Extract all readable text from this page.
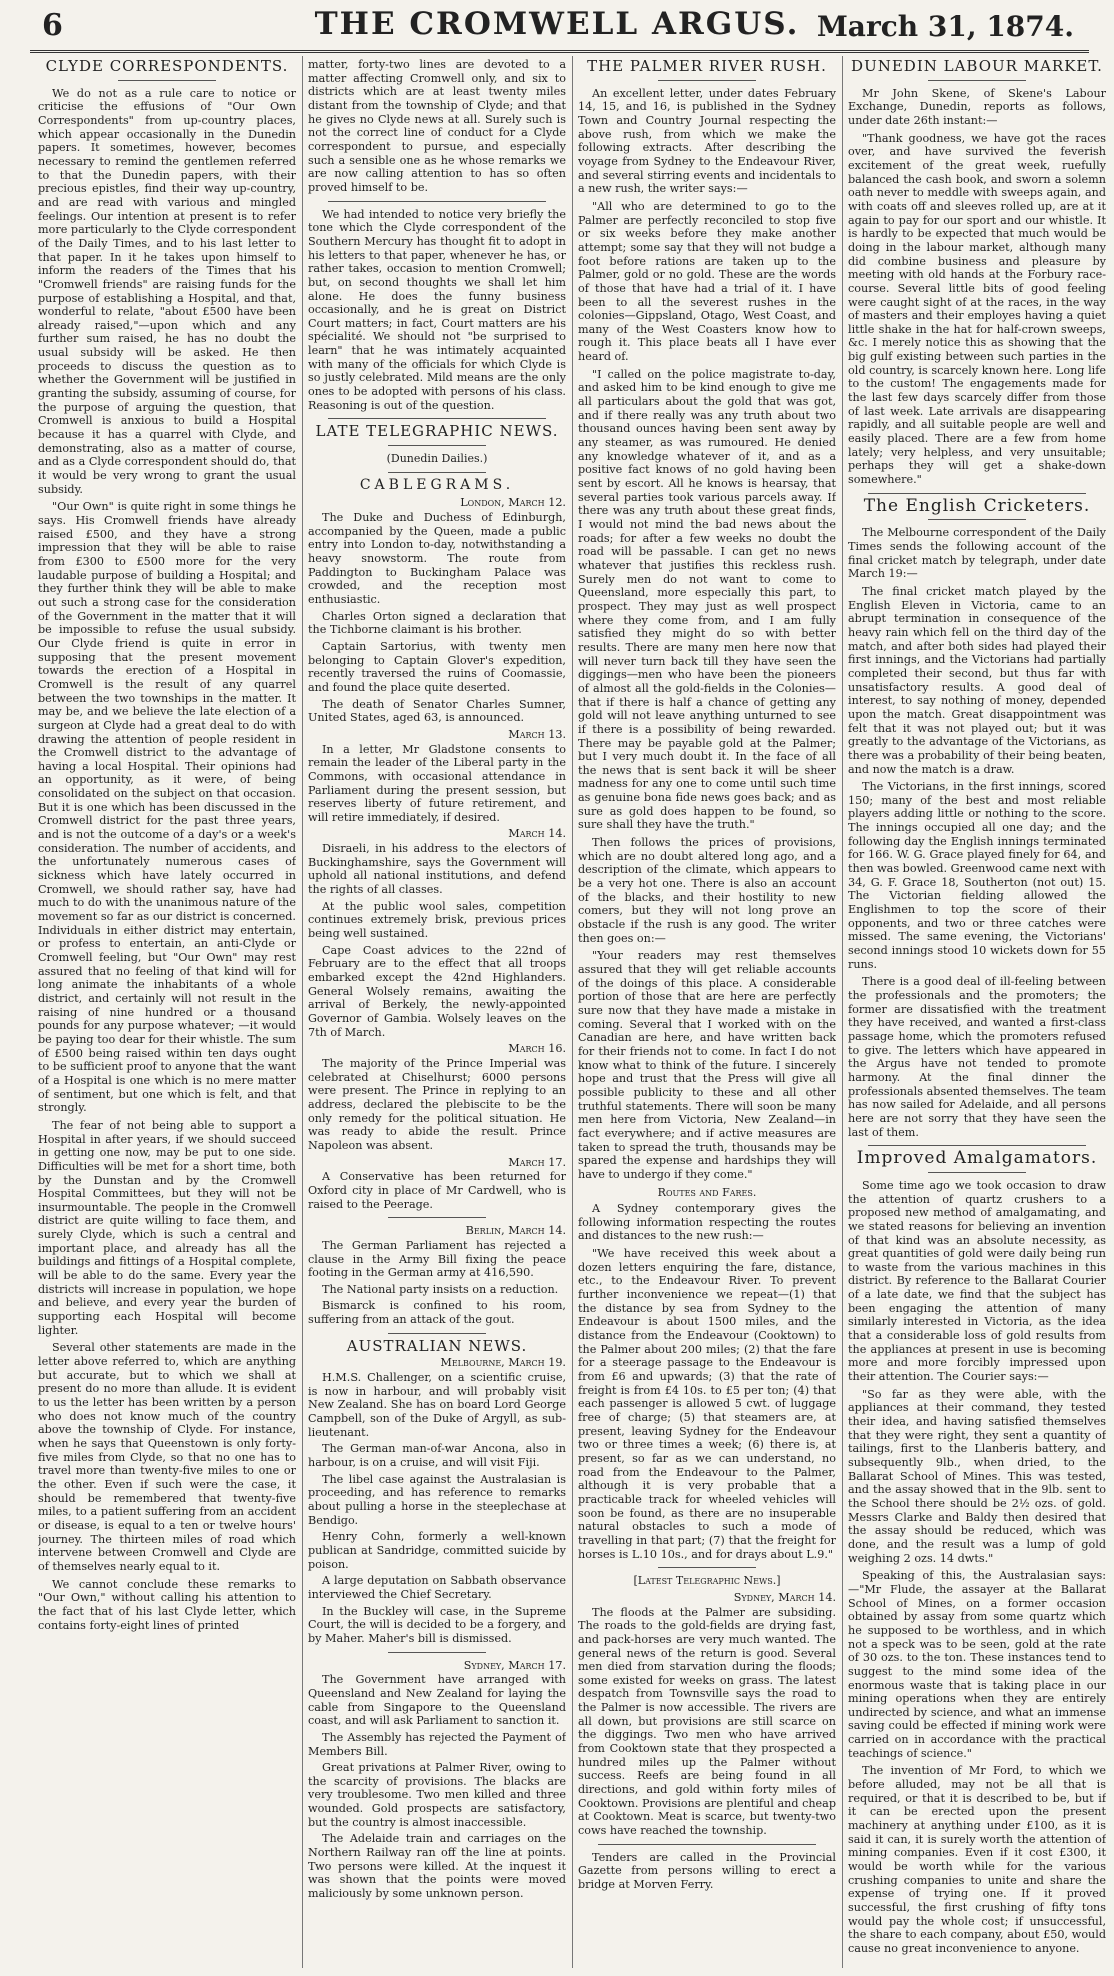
6	THE CROMWELL ARGUS. March 31, 1874.
CLYDE CORRESPONDENTS.

We do not as a rule care to notice or criticise the effusions of "Our Own Correspondents" from up-country places, which appear occasionally in the Dunedin papers. It sometimes, however, becomes necessary to remind the gentlemen referred to that the Dunedin papers, with their precious epistles, find their way up-country, and are read with various and mingled feelings. Our intention at present is to refer more particularly to the Clyde correspondent of the Daily Times, and to his last letter to that paper. In it he takes upon himself to inform the readers of the Times that his "Cromwell friends" are raising funds for the purpose of establishing a Hospital, and that, wonderful to relate, "about £500 have been already raised,"—upon which and any further sum raised, he has no doubt the usual subsidy will be asked. He then proceeds to discuss the question as to whether the Government will be justified in granting the subsidy, assuming of course, for the purpose of arguing the question, that Cromwell is anxious to build a Hospital because it has a quarrel with Clyde, and demonstrating, also as a matter of course, and as a Clyde correspondent should do, that it would be very wrong to grant the usual subsidy.

"Our Own" is quite right in some things he says. His Cromwell friends have already raised £500, and they have a strong impression that they will be able to raise from £300 to £500 more for the very laudable purpose of building a Hospital; and they further think they will be able to make out such a strong case for the consideration of the Government in the matter that it will be impossible to refuse the usual subsidy. Our Clyde friend is quite in error in supposing that the present movement towards the erection of a Hospital in Cromwell is the result of any quarrel between the two townships in the matter. It may be, and we believe the late election of a surgeon at Clyde had a great deal to do with drawing the attention of people resident in the Cromwell district to the advantage of having a local Hospital. Their opinions had an opportunity, as it were, of being consolidated on the subject on that occasion. But it is one which has been discussed in the Cromwell district for the past three years, and is not the outcome of a day's or a week's consideration. The number of accidents, and the unfortunately numerous cases of sickness which have lately occurred in Cromwell, we should rather say, have had much to do with the unanimous nature of the movement so far as our district is concerned. Individuals in either district may entertain, or profess to entertain, an anti-Clyde or Cromwell feeling, but "Our Own" may rest assured that no feeling of that kind will for long animate the inhabitants of a whole district, and certainly will not result in the raising of nine hundred or a thousand pounds for any purpose whatever; —it would be paying too dear for their whistle. The sum of £500 being raised within ten days ought to be sufficient proof to anyone that the want of a Hospital is one which is no mere matter of sentiment, but one which is felt, and that strongly.

The fear of not being able to support a Hospital in after years, if we should succeed in getting one now, may be put to one side. Difficulties will be met for a short time, both by the Dunstan and by the Cromwell Hospital Committees, but they will not be insurmountable. The people in the Cromwell district are quite willing to face them, and surely Clyde, which is such a central and important place, and already has all the buildings and fittings of a Hospital complete, will be able to do the same. Every year the districts will increase in population, we hope and believe, and every year the burden of supporting each Hospital will become lighter.

Several other statements are made in the letter above referred to, which are anything but accurate, but to which we shall at present do no more than allude. It is evident to us the letter has been written by a person who does not know much of the country above the township of Clyde. For instance, when he says that Queenstown is only forty-five miles from Clyde, so that no one has to travel more than twenty-five miles to one or the other. Even if such were the case, it should be remembered that twenty-five miles, to a patient suffering from an accident or disease, is equal to a ten or twelve hours' journey. The thirteen miles of road which intervene between Cromwell and Clyde are of themselves nearly equal to it.

We cannot conclude these remarks to "Our Own," without calling his attention to the fact that of his last Clyde letter, which contains forty-eight lines of printed

matter, forty-two lines are devoted to a matter affecting Cromwell only, and six to districts which are at least twenty miles distant from the township of Clyde; and that he gives no Clyde news at all. Surely such is not the correct line of conduct for a Clyde correspondent to pursue, and especially such a sensible one as he whose remarks we are now calling attention to has so often proved himself to be.

We had intended to notice very briefly the tone which the Clyde correspondent of the Southern Mercury has thought fit to adopt in his letters to that paper, whenever he has, or rather takes, occasion to mention Cromwell; but, on second thoughts we shall let him alone. He does the funny business occasionally, and he is great on District Court matters; in fact, Court matters are his spécialité. We should not "be surprised to learn" that he was intimately acquainted with many of the officials for which Clyde is so justly celebrated. Mild means are the only ones to be adopted with persons of his class. Reasoning is out of the question.

LATE TELEGRAPHIC NEWS.
(Dunedin Dailies.)
CABLEGRAMS.
London, March 12.

The Duke and Duchess of Edinburgh, accompanied by the Queen, made a public entry into London to-day, notwithstanding a heavy snowstorm. The route from Paddington to Buckingham Palace was crowded, and the reception most enthusiastic.

Charles Orton signed a declaration that the Tichborne claimant is his brother.

Captain Sartorius, with twenty men belonging to Captain Glover's expedition, recently traversed the ruins of Coomassie, and found the place quite deserted.

The death of Senator Charles Sumner, United States, aged 63, is announced.

March 13.

In a letter, Mr Gladstone consents to remain the leader of the Liberal party in the Commons, with occasional attendance in Parliament during the present session, but reserves liberty of future retirement, and will retire immediately, if desired.

March 14.

Disraeli, in his address to the electors of Buckinghamshire, says the Government will uphold all national institutions, and defend the rights of all classes.

At the public wool sales, competition continues extremely brisk, previous prices being well sustained.

Cape Coast advices to the 22nd of February are to the effect that all troops embarked except the 42nd Highlanders. General Wolsely remains, awaiting the arrival of Berkely, the newly-appointed Governor of Gambia. Wolsely leaves on the 7th of March.

March 16.

The majority of the Prince Imperial was celebrated at Chiselhurst; 6000 persons were present. The Prince in replying to an address, declared the plebiscite to be the only remedy for the political situation. He was ready to abide the result. Prince Napoleon was absent.

March 17.

A Conservative has been returned for Oxford city in place of Mr Cardwell, who is raised to the Peerage.

Berlin, March 14.

The German Parliament has rejected a clause in the Army Bill fixing the peace footing in the German army at 416,590.

The National party insists on a reduction.

Bismarck is confined to his room, suffering from an attack of the gout.

AUSTRALIAN NEWS.
Melbourne, March 19.

H.M.S. Challenger, on a scientific cruise, is now in harbour, and will probably visit New Zealand. She has on board Lord George Campbell, son of the Duke of Argyll, as sub-lieutenant.

The German man-of-war Ancona, also in harbour, is on a cruise, and will visit Fiji.

The libel case against the Australasian is proceeding, and has reference to remarks about pulling a horse in the steeplechase at Bendigo.

Henry Cohn, formerly a well-known publican at Sandridge, committed suicide by poison.

A large deputation on Sabbath observance interviewed the Chief Secretary.

In the Buckley will case, in the Supreme Court, the will is decided to be a forgery, and by Maher. Maher's bill is dismissed.

Sydney, March 17.

The Government have arranged with Queensland and New Zealand for laying the cable from Singapore to the Queensland coast, and will ask Parliament to sanction it.

The Assembly has rejected the Payment of Members Bill.

Great privations at Palmer River, owing to the scarcity of provisions. The blacks are very troublesome. Two men killed and three wounded. Gold prospects are satisfactory, but the country is almost inaccessible.

The Adelaide train and carriages on the Northern Railway ran off the line at points. Two persons were killed. At the inquest it was shown that the points were moved maliciously by some unknown person.

THE PALMER RIVER RUSH.

An excellent letter, under dates February 14, 15, and 16, is published in the Sydney Town and Country Journal respecting the above rush, from which we make the following extracts. After describing the voyage from Sydney to the Endeavour River, and several stirring events and incidentals to a new rush, the writer says:—

"All who are determined to go to the Palmer are perfectly reconciled to stop five or six weeks before they make another attempt; some say that they will not budge a foot before rations are taken up to the Palmer, gold or no gold. These are the words of those that have had a trial of it. I have been to all the severest rushes in the colonies—Gippsland, Otago, West Coast, and many of the West Coasters know how to rough it. This place beats all I have ever heard of.

"I called on the police magistrate to-day, and asked him to be kind enough to give me all particulars about the gold that was got, and if there really was any truth about two thousand ounces having been sent away by any steamer, as was rumoured. He denied any knowledge whatever of it, and as a positive fact knows of no gold having been sent by escort. All he knows is hearsay, that several parties took various parcels away. If there was any truth about these great finds, I would not mind the bad news about the roads; for after a few weeks no doubt the road will be passable. I can get no news whatever that justifies this reckless rush. Surely men do not want to come to Queensland, more especially this part, to prospect. They may just as well prospect where they come from, and I am fully satisfied they might do so with better results. There are many men here now that will never turn back till they have seen the diggings—men who have been the pioneers of almost all the gold-fields in the Colonies—that if there is half a chance of getting any gold will not leave anything unturned to see if there is a possibility of being rewarded. There may be payable gold at the Palmer; but I very much doubt it. In the face of all the news that is sent back it will be sheer madness for any one to come until such time as genuine bona fide news goes back; and as sure as gold does happen to be found, so sure shall they have the truth."

Then follows the prices of provisions, which are no doubt altered long ago, and a description of the climate, which appears to be a very hot one. There is also an account of the blacks, and their hostility to new comers, but they will not long prove an obstacle if the rush is any good. The writer then goes on:—

"Your readers may rest themselves assured that they will get reliable accounts of the doings of this place. A considerable portion of those that are here are perfectly sure now that they have made a mistake in coming. Several that I worked with on the Canadian are here, and have written back for their friends not to come. In fact I do not know what to think of the future. I sincerely hope and trust that the Press will give all possible publicity to these and all other truthful statements. There will soon be many men here from Victoria, New Zealand—in fact everywhere; and if active measures are taken to spread the truth, thousands may be spared the expense and hardships they will have to undergo if they come."

Routes and Fares.

A Sydney contemporary gives the following information respecting the routes and distances to the new rush:—

"We have received this week about a dozen letters enquiring the fare, distance, etc., to the Endeavour River. To prevent further inconvenience we repeat—(1) that the distance by sea from Sydney to the Endeavour is about 1500 miles, and the distance from the Endeavour (Cooktown) to the Palmer about 200 miles; (2) that the fare for a steerage passage to the Endeavour is from £6 and upwards; (3) that the rate of freight is from £4 10s. to £5 per ton; (4) that each passenger is allowed 5 cwt. of luggage free of charge; (5) that steamers are, at present, leaving Sydney for the Endeavour two or three times a week; (6) there is, at present, so far as we can understand, no road from the Endeavour to the Palmer, although it is very probable that a practicable track for wheeled vehicles will soon be found, as there are no insuperable natural obstacles to such a mode of travelling in that part; (7) that the freight for horses is L.10 10s., and for drays about L.9."

[Latest Telegraphic News.]
Sydney, March 14.

The floods at the Palmer are subsiding. The roads to the gold-fields are drying fast, and pack-horses are very much wanted. The general news of the return is good. Several men died from starvation during the floods; some existed for weeks on grass. The latest despatch from Townsville says the road to the Palmer is now accessible. The rivers are all down, but provisions are still scarce on the diggings. Two men who have arrived from Cooktown state that they prospected a hundred miles up the Palmer without success. Reefs are being found in all directions, and gold within forty miles of Cooktown. Provisions are plentiful and cheap at Cooktown. Meat is scarce, but twenty-two cows have reached the township.

Tenders are called in the Provincial Gazette from persons willing to erect a bridge at Morven Ferry.

DUNEDIN LABOUR MARKET.

Mr John Skene, of Skene's Labour Exchange, Dunedin, reports as follows, under date 26th instant:—

"Thank goodness, we have got the races over, and have survived the feverish excitement of the great week, ruefully balanced the cash book, and sworn a solemn oath never to meddle with sweeps again, and with coats off and sleeves rolled up, are at it again to pay for our sport and our whistle. It is hardly to be expected that much would be doing in the labour market, although many did combine business and pleasure by meeting with old hands at the Forbury race-course. Several little bits of good feeling were caught sight of at the races, in the way of masters and their employes having a quiet little shake in the hat for half-crown sweeps, &c. I merely notice this as showing that the big gulf existing between such parties in the old country, is scarcely known here. Long life to the custom! The engagements made for the last few days scarcely differ from those of last week. Late arrivals are disappearing rapidly, and all suitable people are well and easily placed. There are a few from home lately; very helpless, and very unsuitable; perhaps they will get a shake-down somewhere."

The English Cricketers.

The Melbourne correspondent of the Daily Times sends the following account of the final cricket match by telegraph, under date March 19:—

The final cricket match played by the English Eleven in Victoria, came to an abrupt termination in consequence of the heavy rain which fell on the third day of the match, and after both sides had played their first innings, and the Victorians had partially completed their second, but thus far with unsatisfactory results. A good deal of interest, to say nothing of money, depended upon the match. Great disappointment was felt that it was not played out; but it was greatly to the advantage of the Victorians, as there was a probability of their being beaten, and now the match is a draw.

The Victorians, in the first innings, scored 150; many of the best and most reliable players adding little or nothing to the score. The innings occupied all one day; and the following day the English innings terminated for 166. W. G. Grace played finely for 64, and then was bowled. Greenwood came next with 34, G. F. Grace 18, Southerton (not out) 15. The Victorian fielding allowed the Englishmen to top the score of their opponents, and two or three catches were missed. The same evening, the Victorians' second innings stood 10 wickets down for 55 runs.

There is a good deal of ill-feeling between the professionals and the promoters; the former are dissatisfied with the treatment they have received, and wanted a first-class passage home, which the promoters refused to give. The letters which have appeared in the Argus have not tended to promote harmony. At the final dinner the professionals absented themselves. The team has now sailed for Adelaide, and all persons here are not sorry that they have seen the last of them.

Improved Amalgamators.

Some time ago we took occasion to draw the attention of quartz crushers to a proposed new method of amalgamating, and we stated reasons for believing an invention of that kind was an absolute necessity, as great quantities of gold were daily being run to waste from the various machines in this district. By reference to the Ballarat Courier of a late date, we find that the subject has been engaging the attention of many similarly interested in Victoria, as the idea that a considerable loss of gold results from the appliances at present in use is becoming more and more forcibly impressed upon their attention. The Courier says:—

"So far as they were able, with the appliances at their command, they tested their idea, and having satisfied themselves that they were right, they sent a quantity of tailings, first to the Llanberis battery, and subsequently 9lb., when dried, to the Ballarat School of Mines. This was tested, and the assay showed that in the 9lb. sent to the School there should be 2½ ozs. of gold. Messrs Clarke and Baldy then desired that the assay should be reduced, which was done, and the result was a lump of gold weighing 2 ozs. 14 dwts."

Speaking of this, the Australasian says:—"Mr Flude, the assayer at the Ballarat School of Mines, on a former occasion obtained by assay from some quartz which he supposed to be worthless, and in which not a speck was to be seen, gold at the rate of 30 ozs. to the ton. These instances tend to suggest to the mind some idea of the enormous waste that is taking place in our mining operations when they are entirely undirected by science, and what an immense saving could be effected if mining work were carried on in accordance with the practical teachings of science."

The invention of Mr Ford, to which we before alluded, may not be all that is required, or that it is described to be, but if it can be erected upon the present machinery at anything under £100, as it is said it can, it is surely worth the attention of mining companies. Even if it cost £300, it would be worth while for the various crushing companies to unite and share the expense of trying one. If it proved successful, the first crushing of fifty tons would pay the whole cost; if unsuccessful, the share to each company, about £50, would cause no great inconvenience to anyone.
